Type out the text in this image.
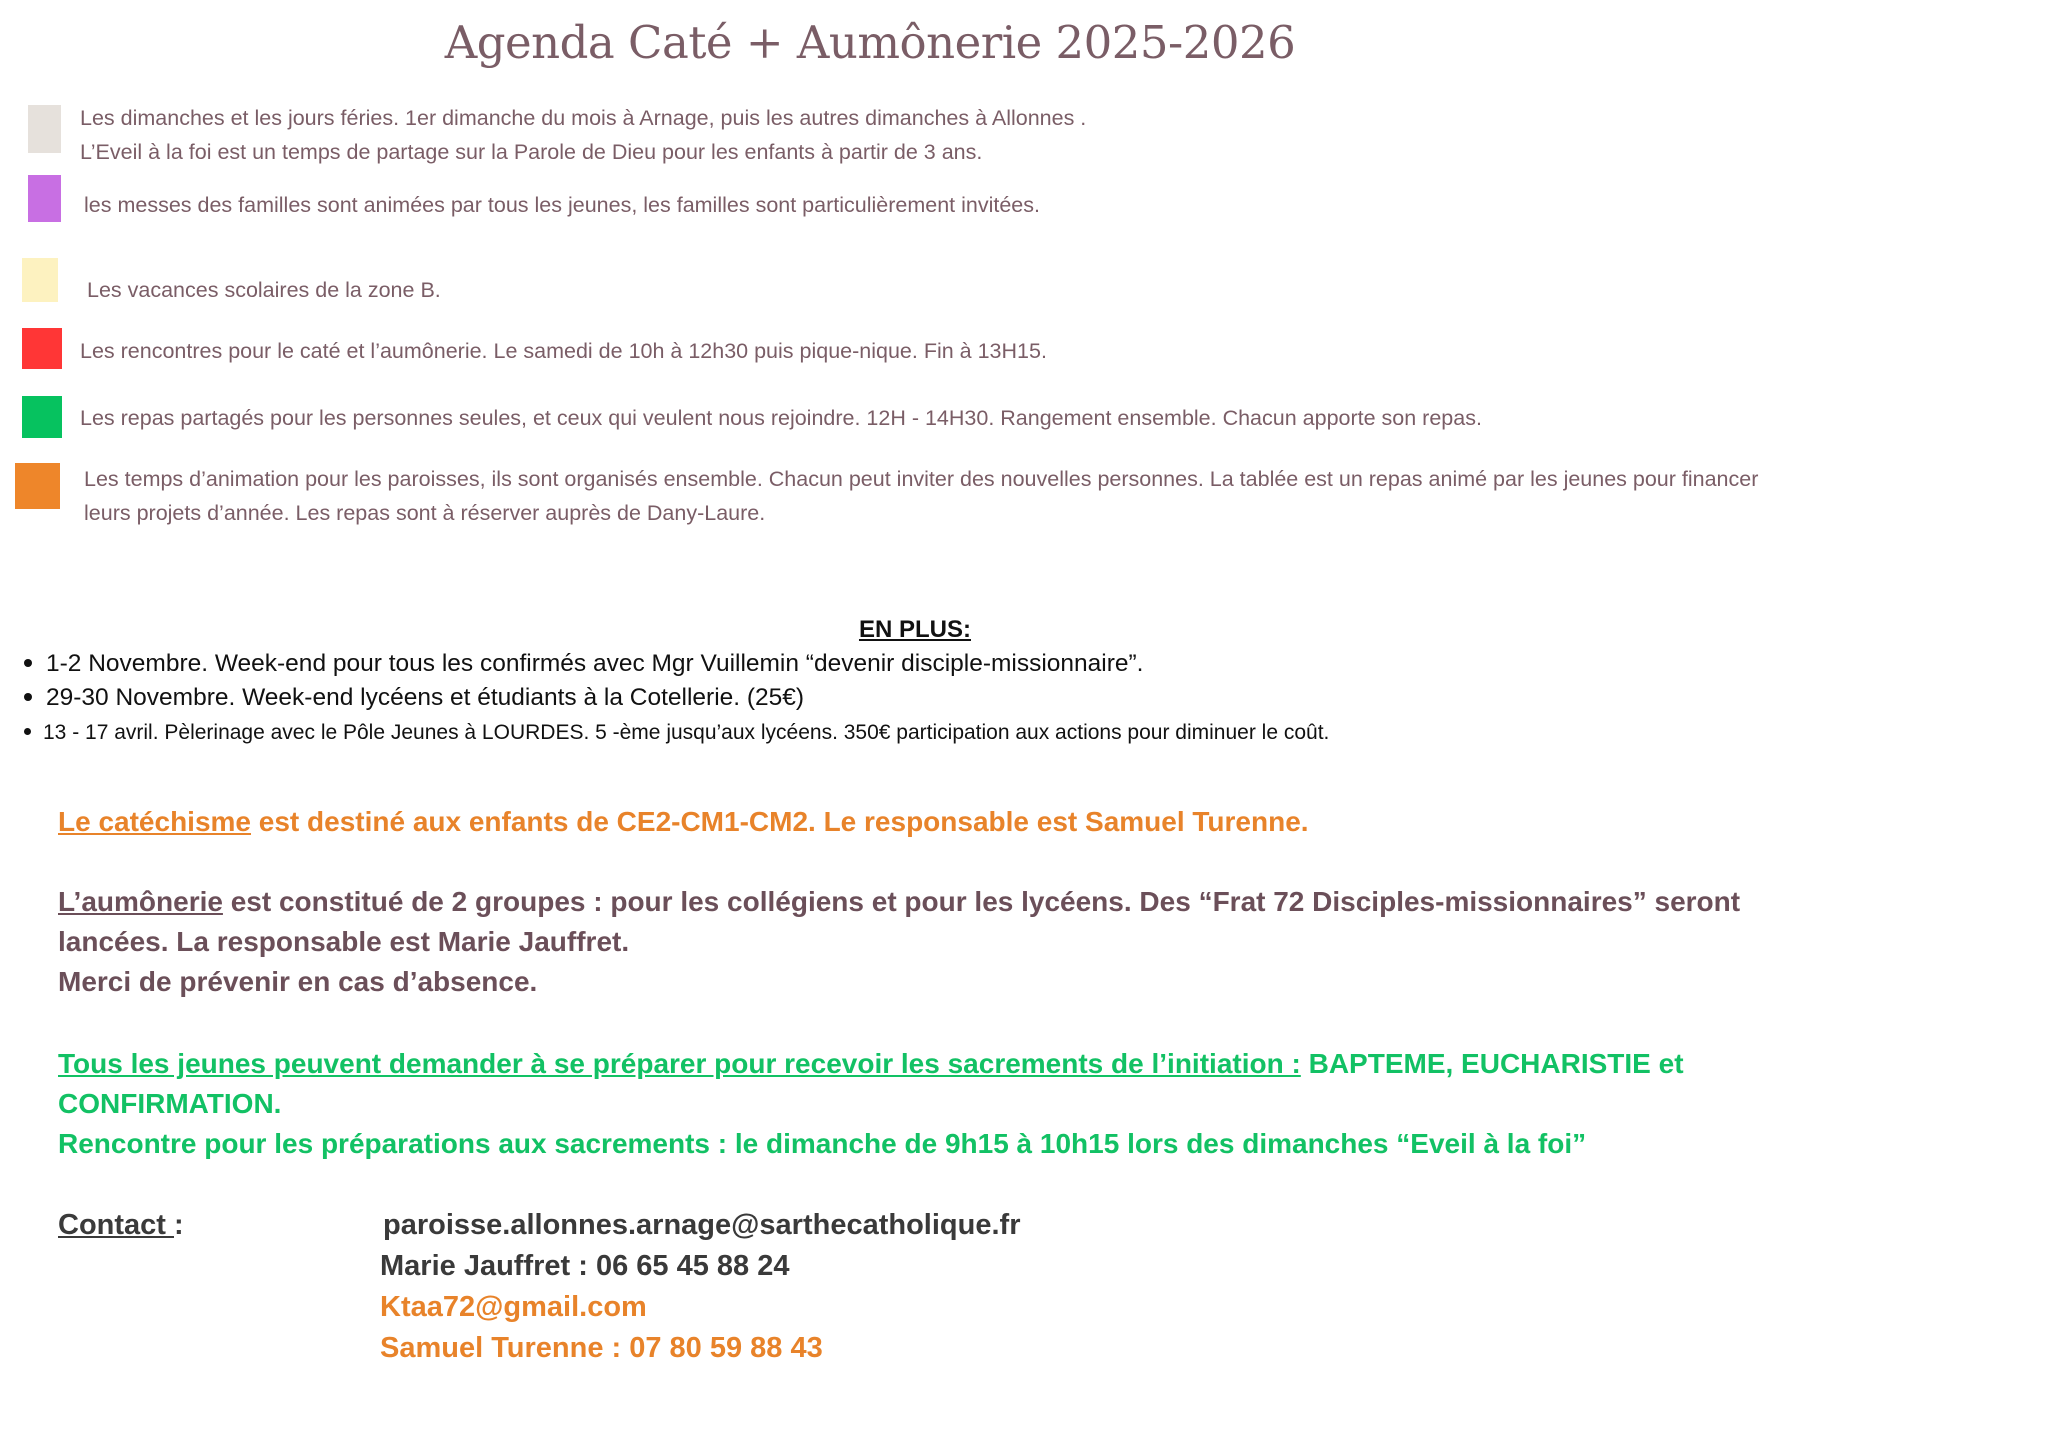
Agenda Caté + Aumônerie 2025-2026
Les dimanches et les jours féries. 1er dimanche du mois à Arnage, puis les autres dimanches à Allonnes .
L’Eveil à la foi est un temps de partage sur la Parole de Dieu pour les enfants à partir de 3 ans.
les messes des familles sont animées par tous les jeunes, les familles sont particulièrement invitées.
Les vacances scolaires de la zone B.
Les rencontres pour le caté et l’aumônerie. Le samedi de 10h à 12h30 puis pique-nique. Fin à 13H15.
Les repas partagés pour les personnes seules, et ceux qui veulent nous rejoindre. 12H - 14H30. Rangement ensemble. Chacun apporte son repas.
Les temps d’animation pour les paroisses, ils sont organisés ensemble. Chacun peut inviter des nouvelles personnes. La tablée est un repas animé par les jeunes pour financer
leurs projets d’année. Les repas sont à réserver auprès de Dany-Laure.
EN PLUS:
1-2 Novembre. Week-end pour tous les confirmés avec Mgr Vuillemin “devenir disciple-missionnaire”.
29-30 Novembre. Week-end lycéens et étudiants à la Cotellerie. (25€)
13 - 17 avril. Pèlerinage avec le Pôle Jeunes à LOURDES. 5 -ème jusqu’aux lycéens. 350€ participation aux actions pour diminuer le coût.
Le catéchisme est destiné aux enfants de CE2-CM1-CM2. Le responsable est Samuel Turenne.
L’aumônerie est constitué de 2 groupes : pour les collégiens et pour les lycéens. Des “Frat 72 Disciples-missionnaires” seront
lancées. La responsable est Marie Jauffret.
Merci de prévenir en cas d’absence.
Tous les jeunes peuvent demander à se préparer pour recevoir les sacrements de l’initiation : BAPTEME, EUCHARISTIE et
CONFIRMATION.
Rencontre pour les préparations aux sacrements : le dimanche de 9h15 à 10h15 lors des dimanches “Eveil à la foi”
Contact :	paroisse.allonnes.arnage@sarthecatholique.fr
Marie Jauffret : 06 65 45 88 24
Ktaa72@gmail.com
Samuel Turenne : 07 80 59 88 43
